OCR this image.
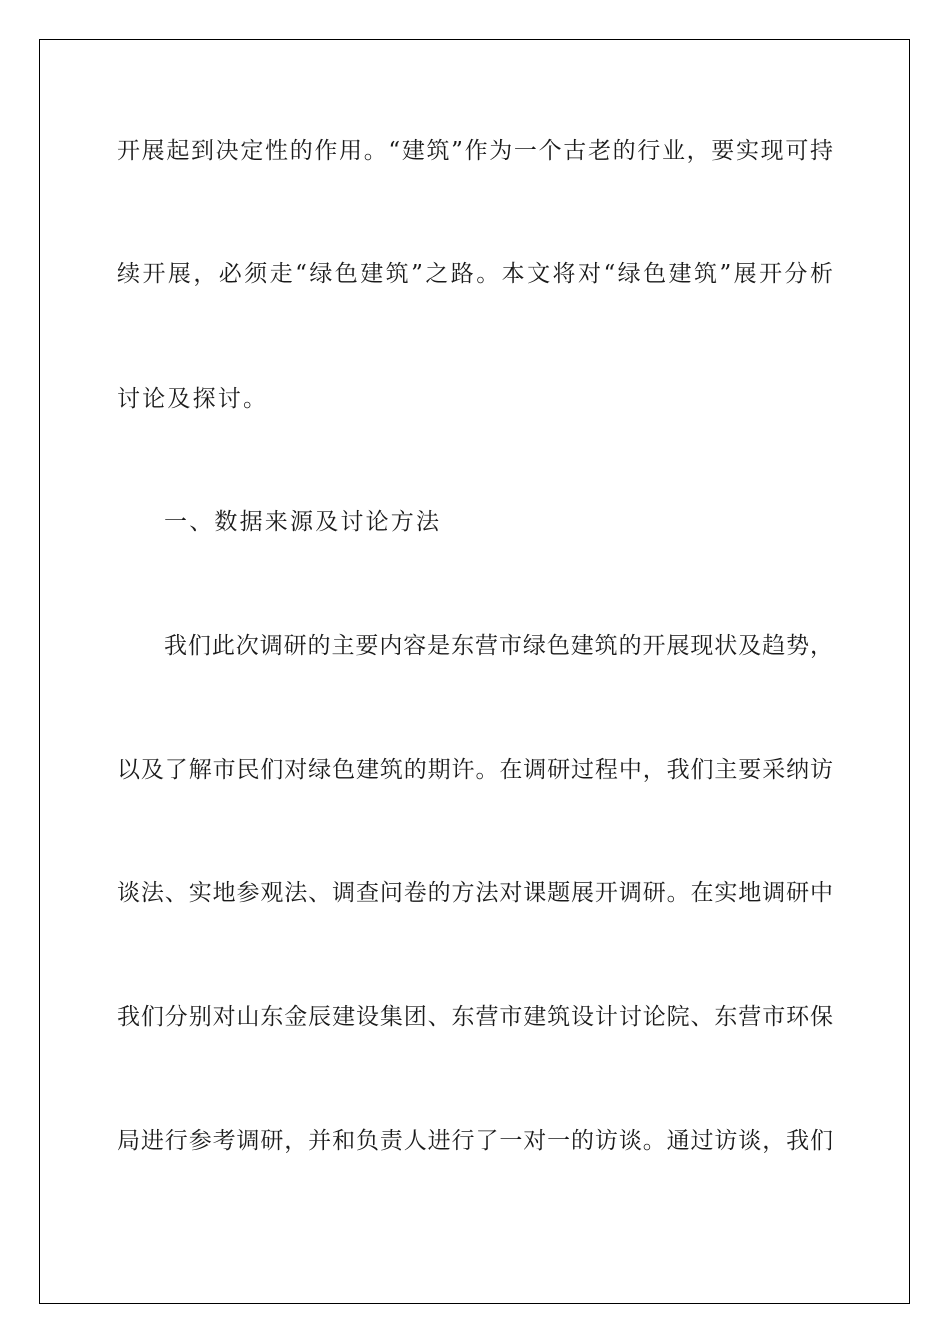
开展起到决定性的作用。“建筑”作为一个古老的行业，要实现可持
续开展，必须走“绿色建筑”之路。本文将对“绿色建筑”展开分析
讨论及探讨。
一、数据来源及讨论方法
我们此次调研的主要内容是东营市绿色建筑的开展现状及趋势，
以及了解市民们对绿色建筑的期许。在调研过程中，我们主要采纳访
谈法、实地参观法、调查问卷的方法对课题展开调研。在实地调研中
我们分别对山东金辰建设集团、东营市建筑设计讨论院、东营市环保
局进行参考调研，并和负责人进行了一对一的访谈。通过访谈，我们
